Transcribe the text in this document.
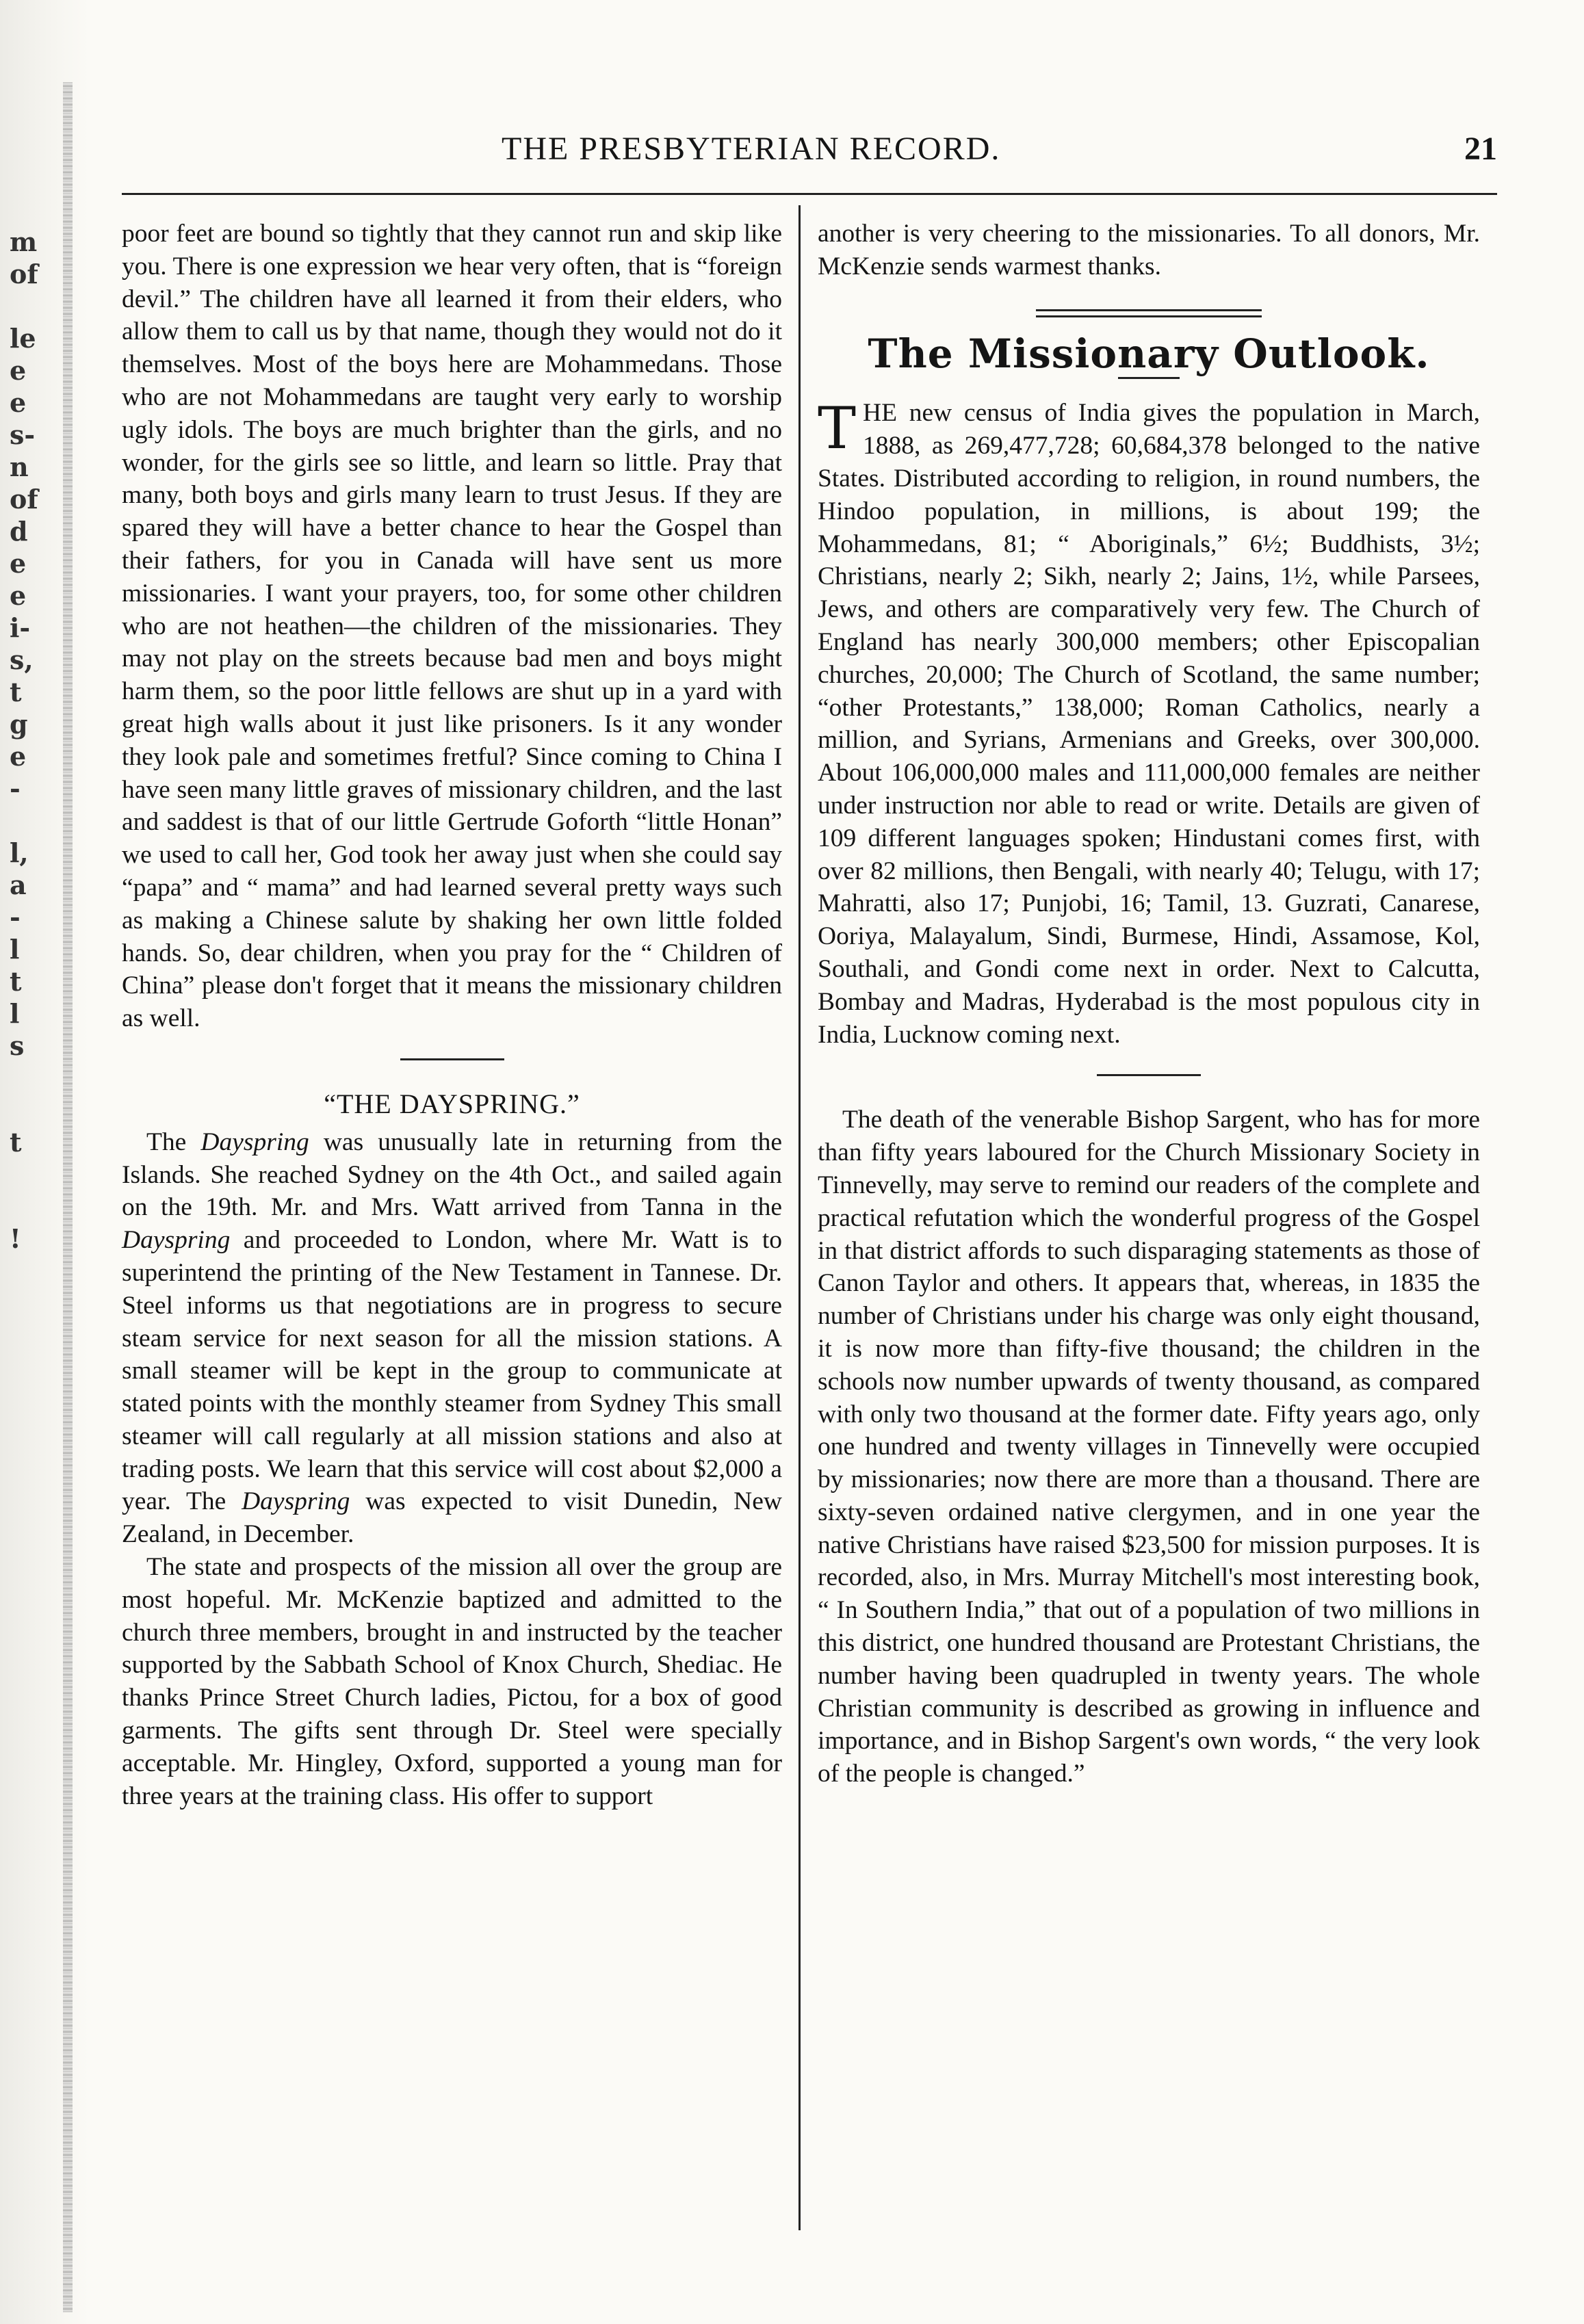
m
of
le
e
e
s-
n
of
d
e
e
i-
s,
t
g
e
-
l,
a
-
l
t
l
s
t
!
THE PRESBYTERIAN RECORD.	21

poor feet are bound so tightly that they cannot run and skip like you. There is one expression we hear very often, that is “foreign devil.” The children have all learned it from their elders, who allow them to call us by that name, though they would not do it themselves. Most of the boys here are Mohammedans. Those who are not Mohammedans are taught very early to worship ugly idols. The boys are much brighter than the girls, and no wonder, for the girls see so little, and learn so little. Pray that many, both boys and girls many learn to trust Jesus. If they are spared they will have a better chance to hear the Gospel than their fathers, for you in Canada will have sent us more missionaries. I want your prayers, too, for some other children who are not heathen—the children of the missionaries. They may not play on the streets because bad men and boys might harm them, so the poor little fellows are shut up in a yard with great high walls about it just like prisoners. Is it any wonder they look pale and sometimes fretful? Since coming to China I have seen many little graves of missionary children, and the last and saddest is that of our little Gertrude Goforth “little Honan” we used to call her, God took her away just when she could say “papa” and “ mama” and had learned several pretty ways such as making a Chinese salute by shaking her own little folded hands. So, dear children, when you pray for the “ Children of China” please don't forget that it means the missionary children as well.

“THE DAYSPRING.”

The Dayspring was unusually late in returning from the Islands. She reached Sydney on the 4th Oct., and sailed again on the 19th. Mr. and Mrs. Watt arrived from Tanna in the Dayspring and proceeded to London, where Mr. Watt is to superintend the printing of the New Testament in Tannese. Dr. Steel informs us that negotiations are in progress to secure steam service for next season for all the mission stations. A small steamer will be kept in the group to communicate at stated points with the monthly steamer from Sydney This small steamer will call regularly at all mission stations and also at trading posts. We learn that this service will cost about $2,000 a year. The Dayspring was expected to visit Dunedin, New Zealand, in December.

The state and prospects of the mission all over the group are most hopeful. Mr. McKenzie baptized and admitted to the church three members, brought in and instructed by the teacher supported by the Sabbath School of Knox Church, Shediac. He thanks Prince Street Church ladies, Pictou, for a box of good garments. The gifts sent through Dr. Steel were specially acceptable. Mr. Hingley, Oxford, supported a young man for three years at the training class. His offer to support

another is very cheering to the missionaries. To all donors, Mr. McKenzie sends warmest thanks.

The Missionary Outlook.

THE new census of India gives the population in March, 1888, as 269,477,728; 60,684,378 belonged to the native States. Distributed according to religion, in round numbers, the Hindoo population, in millions, is about 199; the Mohammedans, 81; “ Aboriginals,” 6½; Buddhists, 3½; Christians, nearly 2; Sikh, nearly 2; Jains, 1½, while Parsees, Jews, and others are comparatively very few. The Church of England has nearly 300,000 members; other Episcopalian churches, 20,000; The Church of Scotland, the same number; “other Protestants,” 138,000; Roman Catholics, nearly a million, and Syrians, Armenians and Greeks, over 300,000. About 106,000,000 males and 111,000,000 females are neither under instruction nor able to read or write. Details are given of 109 different languages spoken; Hindustani comes first, with over 82 millions, then Bengali, with nearly 40; Telugu, with 17; Mahratti, also 17; Punjobi, 16; Tamil, 13. Guzrati, Canarese, Ooriya, Malayalum, Sindi, Burmese, Hindi, Assamose, Kol, Southali, and Gondi come next in order. Next to Calcutta, Bombay and Madras, Hyderabad is the most populous city in India, Lucknow coming next.

The death of the venerable Bishop Sargent, who has for more than fifty years laboured for the Church Missionary Society in Tinnevelly, may serve to remind our readers of the complete and practical refutation which the wonderful progress of the Gospel in that district affords to such disparaging statements as those of Canon Taylor and others. It appears that, whereas, in 1835 the number of Christians under his charge was only eight thousand, it is now more than fifty-five thousand; the children in the schools now number upwards of twenty thousand, as compared with only two thousand at the former date. Fifty years ago, only one hundred and twenty villages in Tinnevelly were occupied by missionaries; now there are more than a thousand. There are sixty-seven ordained native clergymen, and in one year the native Christians have raised $23,500 for mission purposes. It is recorded, also, in Mrs. Murray Mitchell's most interesting book, “ In Southern India,” that out of a population of two millions in this district, one hundred thousand are Protestant Christians, the number having been quadrupled in twenty years. The whole Christian community is described as growing in influence and importance, and in Bishop Sargent's own words, “ the very look of the people is changed.”
